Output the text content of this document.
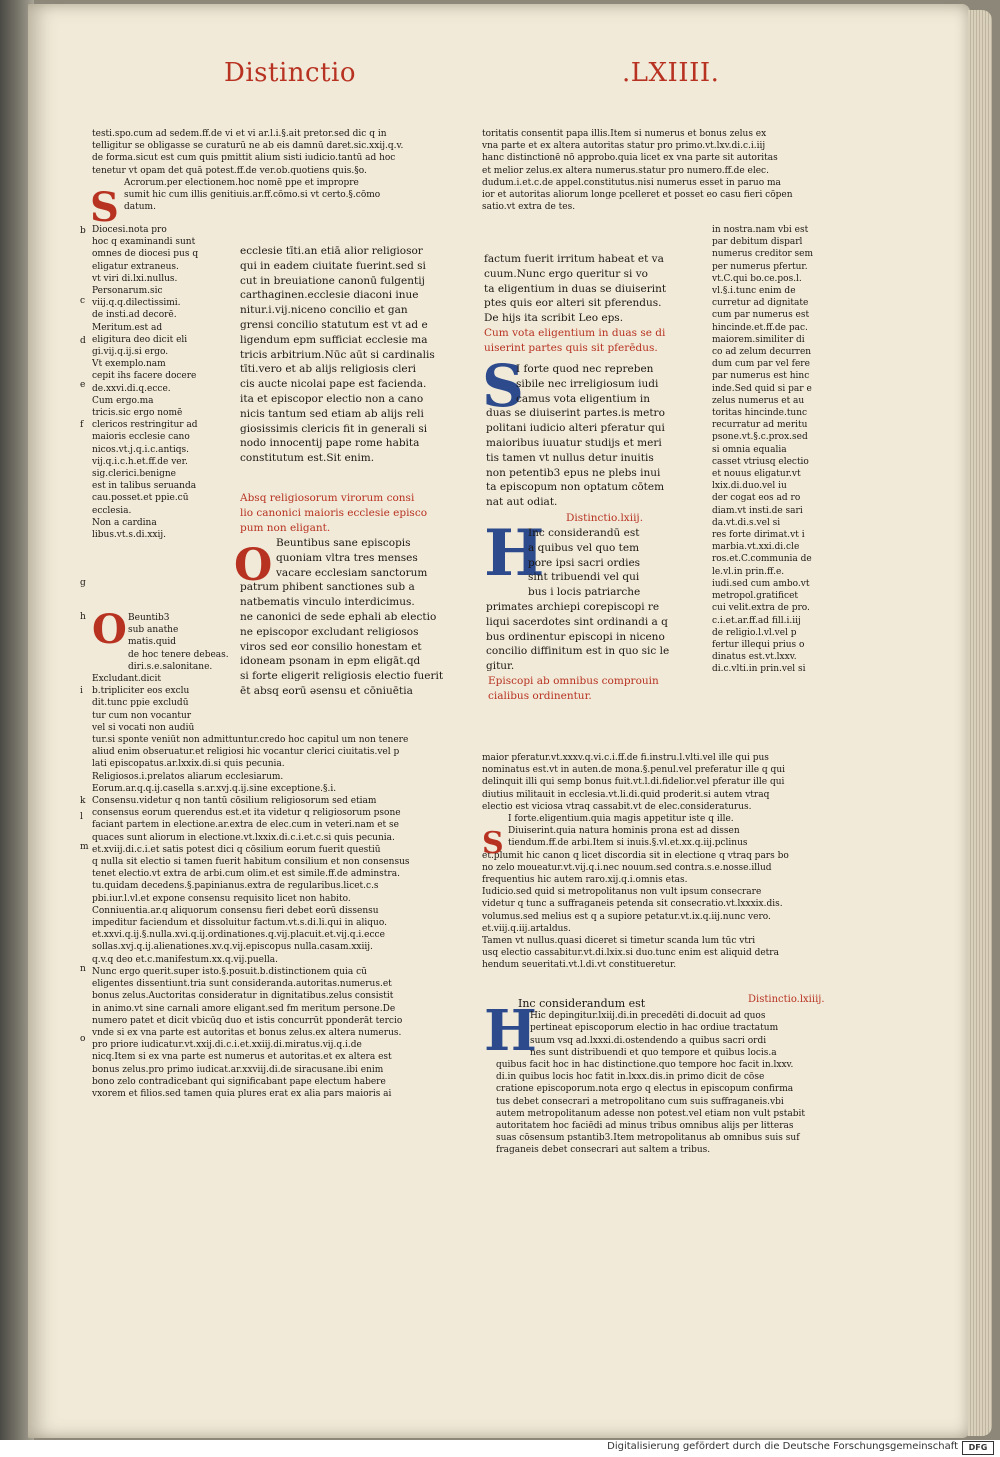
Distinctio	.LXIIII.
testi.spo.cum ad sedem.ff.de vi et vi ar.l.i.§.ait pretor.sed dic q in
telligitur se obligasse se curaturū ne ab eis damnū daret.sic.xxij.q.v.
de forma.sicut est cum quis pmittit alium sisti iudicio.tantū ad hoc
tenetur vt opam det quā potest.ff.de ver.ob.quotiens quis.§o.
Acrorum.per electionem.hoc nomē ppe et impropre
sumit hic cum illis genitiuis.ar.ff.cōmo.si vt certo.§.cōmo
datum.
S
Diocesi.nota pro
hoc q examinandi sunt
omnes de diocesi pus q
eligatur extraneus.
vt viri di.lxi.nullus.
Personarum.sic
viij.q.q.dilectissimi.
de insti.ad decorē.
Meritum.est ad
eligitura deo dicit eli
gi.vij.q.ij.si ergo.
Vt exemplo.nam
cepit ihs facere docere
de.xxvi.di.q.ecce.
Cum ergo.ma
tricis.sic ergo nomē
clericos restringitur ad
maioris ecclesie cano
nicos.vt.j.q.i.c.antiqs.
vij.q.i.c.h.et.ff.de ver.
sig.clerici.benigne
est in talibus seruanda
cau.posset.et ppie.cū
ecclesia.
Non a cardina
libus.vt.s.di.xxij.
Beuntib3
sub anathe
matis.quid
de hoc tenere debeas.
diri.s.e.salonitane.
Excludant.dicit
b.tripliciter eos exclu
dit.tunc ppie excludū
tur cum non vocantur
vel si vocati non audiū
tur.si sponte veniūt non admittuntur.credo hoc capitul um non tenere
aliud enim obseruatur.et religiosi hic vocantur clerici ciuitatis.vel p
lati episcopatus.ar.lxxix.di.si quis pecunia.
Religiosos.i.prelatos aliarum ecclesiarum.
Eorum.ar.q.q.ij.casella s.ar.xvj.q.ij.sine exceptione.§.i.
Consensu.videtur q non tantū cōsilium religiosorum sed etiam
consensus eorum querendus est.et ita videtur q religiosorum psone
faciant partem in electione.ar.extra de elec.cum in veteri.nam et se
quaces sunt aliorum in electione.vt.lxxix.di.c.i.et.c.si quis pecunia.
et.xviij.di.c.i.et satis potest dici q cōsilium eorum fuerit questiū
q nulla sit electio si tamen fuerit habitum consilium et non consensus
tenet electio.vt extra de arbi.cum olim.et est simile.ff.de adminstra.
tu.quidam decedens.§.papinianus.extra de regularibus.licet.c.s
pbi.iur.l.vl.et expone consensu requisito licet non habito.
Conniuentia.ar.q aliquorum consensu fieri debet eorū dissensu
impeditur faciendum et dissoluitur factum.vt.s.di.li.qui in aliquo.
et.xxvi.q.ij.§.nulla.xvi.q.ij.ordinationes.q.vij.placuit.et.vij.q.i.ecce
sollas.xvj.q.ij.alienationes.xv.q.vij.episcopus nulla.casam.xxiij.
q.v.q deo et.c.manifestum.xx.q.vij.puella.
Nunc ergo querit.super isto.§.posuit.b.distinctionem quia cū
eligentes dissentiunt.tria sunt consideranda.autoritas.numerus.et
bonus zelus.Auctoritas consideratur in dignitatibus.zelus consistit
in animo.vt sine carnali amore eligant.sed fm meritum persone.De
numero patet et dicit vbicūq duo et istis concurrūt pponderāt tercio
vnde si ex vna parte est autoritas et bonus zelus.ex altera numerus.
pro priore iudicatur.vt.xxij.di.c.i.et.xxiij.di.miratus.vij.q.i.de
nicq.Item si ex vna parte est numerus et autoritas.et ex altera est
bonus zelus.pro primo iudicat.ar.xxviij.di.de siracusane.ibi enim
bono zelo contradicebant qui significabant pape electum habere
vxorem et filios.sed tamen quia plures erat ex alia pars maioris ai
O
ecclesie tīti.an etiā alior religiosor
qui in eadem ciuitate fuerint.sed si
cut in breuiatione canonū fulgentij
carthaginen.ecclesie diaconi inue
nitur.i.vij.niceno concilio et gan
grensi concilio statutum est vt ad e
ligendum epm sufficiat ecclesie ma
tricis arbitrium.Nūc aūt si cardinalis
tīti.vero et ab alijs religiosis cleri
cis aucte nicolai pape est facienda.
ita et episcopor electio non a cano
nicis tantum sed etiam ab alijs reli
giosissimis clericis fit in generali si
nodo innocentij pape rome habita
constitutum est.Sit enim.
Absq religiosorum virorum consi
lio canonici maioris ecclesie episco
pum non eligant.
O Beuntibus sane episcopis
quoniam vltra tres menses
vacare ecclesiam sanctorum
patrum phibent sanctiones sub a
natbematis vinculo interdicimus.
ne canonici de sede ephali ab electio
ne episcopor excludant religiosos
viros sed eor consilio honestam et
idoneam psonam in epm eligāt.qd
si forte eligerit religiosis electio fuerit
ēt absq eorū əsensu et cōniuētia
toritatis consentit papa illis.Item si numerus et bonus zelus ex
vna parte et ex altera autoritas statur pro primo.vt.lxv.di.c.i.iij
hanc distinctionē nō approbo.quia licet ex vna parte sit autoritas
et melior zelus.ex altera numerus.statur pro numero.ff.de elec.
dudum.i.et.c.de appel.constitutus.nisi numerus esset in paruo ma
ior et autoritas aliorum longe pcelleret et posset eo casu fieri cōpen
satio.vt extra de tes.
factum fuerit irritum habeat et va
cuum.Nunc ergo queritur si vo
ta eligentium in duas se diuiserint
ptes quis eor alteri sit pferendus.
De hijs ita scribit Leo eps.
Cum vota eligentium in duas se di
uiserint partes quis sit pferēdus.
S
I forte quod nec repreben
sibile nec irreligiosum iudi
camus vota eligentium in
duas se diuiserint partes.is metro
politani iudicio alteri pferatur qui
maioribus iuuatur studijs et meri
tis tamen vt nullus detur inuitis
non petentib3 epus ne plebs inui
ta episcopum non optatum cōtem
nat aut odiat.
Distinctio.lxiij.
H
Inc considerandū est
a quibus vel quo tem
pore ipsi sacri ordies
sint tribuendi vel qui
bus i locis patriarche
primates archiepi corepiscopi re
liqui sacerdotes sint ordinandi a q
bus ordinentur episcopi in niceno
concilio diffinitum est in quo sic le
gitur.
Episcopi ab omnibus comprouin
cialibus ordinentur.
in nostra.nam vbi est
par debitum disparl
numerus creditor sem
per numerus pfertur.
vt.C.qui bo.ce.pos.l.
vl.§.i.tunc enim de
curretur ad dignitate
cum par numerus est
hincinde.et.ff.de pac.
maiorem.similiter di
co ad zelum decurren
dum cum par vel fere
par numerus est hinc
inde.Sed quid si par e
zelus numerus et au
toritas hincinde.tunc
recurratur ad meritu
psone.vt.§.c.prox.sed
si omnia equalia
casset vtriusq electio
et nouus eligatur.vt
lxix.di.duo.vel iu
der cogat eos ad ro
diam.vt insti.de sari
da.vt.di.s.vel si
res forte dirimat.vt i
marbia.vt.xxi.di.cle
ros.et.C.communia de
le.vl.in prin.ff.e.
iudi.sed cum ambo.vt
metropol.gratificet
cui velit.extra de pro.
c.i.et.ar.ff.ad fill.i.iij
de religio.l.vl.vel p
fertur illequi prius o
dinatus est.vt.lxxv.
di.c.vlti.in prin.vel si
maior pferatur.vt.xxxv.q.vi.c.i.ff.de fi.instru.l.vlti.vel ille qui pus
nominatus est.vt in auten.de mona.§.penul.vel preferatur ille q qui
delinquit illi qui semp bonus fuit.vt.l.di.fidelior.vel pferatur ille qui
diutius militauit in ecclesia.vt.li.di.quid proderit.si autem vtraq
electio est viciosa vtraq cassabit.vt de elec.consideraturus.
I forte.eligentium.quia magis appetitur iste q ille.
Diuiserint.quia natura hominis prona est ad dissen
tiendum.ff.de arbi.Item si inuis.§.vl.et.xx.q.iij.pclinus
et.plumit hic canon q licet discordia sit in electione q vtraq pars bo
no zelo moueatur.vt.vij.q.i.nec nouum.sed contra.s.e.nosse.illud
frequentius hic autem raro.xij.q.i.omnis etas.
Iudicio.sed quid si metropolitanus non vult ipsum consecrare
videtur q tunc a suffraganeis petenda sit consecratio.vt.lxxxix.dis.
volumus.sed melius est q a supiore petatur.vt.ix.q.iij.nunc vero.
et.viij.q.iij.artaldus.
Tamen vt nullus.quasi diceret si timetur scanda lum tūc vtri
usq electio cassabitur.vt.di.lxix.si duo.tunc enim est aliquid detra
hendum seueritati.vt.l.di.vt constitueretur.
S
Distinctio.lxiiij.
H
Inc considerandum est
Hic depingitur.lxiij.di.in precedēti di.docuit ad quos
pertineat episcoporum electio in hac ordiue tractatum
suum vsq ad.lxxxi.di.ostendendo a quibus sacri ordi
nes sunt distribuendi et quo tempore et quibus locis.a
quibus facit hoc in hac distinctione.quo tempore hoc facit in.lxxv.
di.in quibus locis hoc fatit in.lxxx.dis.in primo dicit de cōse
cratione episcoporum.nota ergo q electus in episcopum confirma
tus debet consecrari a metropolitano cum suis suffraganeis.vbi
autem metropolitanum adesse non potest.vel etiam non vult pstabit
autoritatem hoc faciēdi ad minus tribus omnibus alijs per litteras
suas cōsensum pstantib3.Item metropolitanus ab omnibus suis suf
fraganeis debet consecrari aut saltem a tribus.
b
c
d
e
f
g
h
i
k
l
m
n
o
Digitalisierung gefördert durch die Deutsche Forschungsgemeinschaft	DFG
